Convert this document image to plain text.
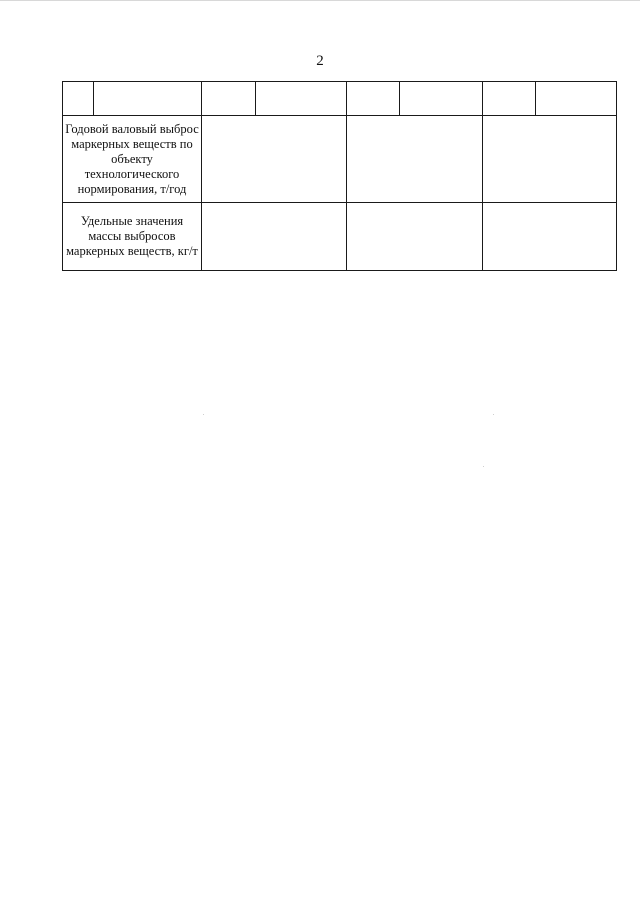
2

Годовой валовый выброс маркерных веществ по объекту технологического нормирования, т/год							
Удельные значения массы выбросов маркерных веществ, кг/т							
